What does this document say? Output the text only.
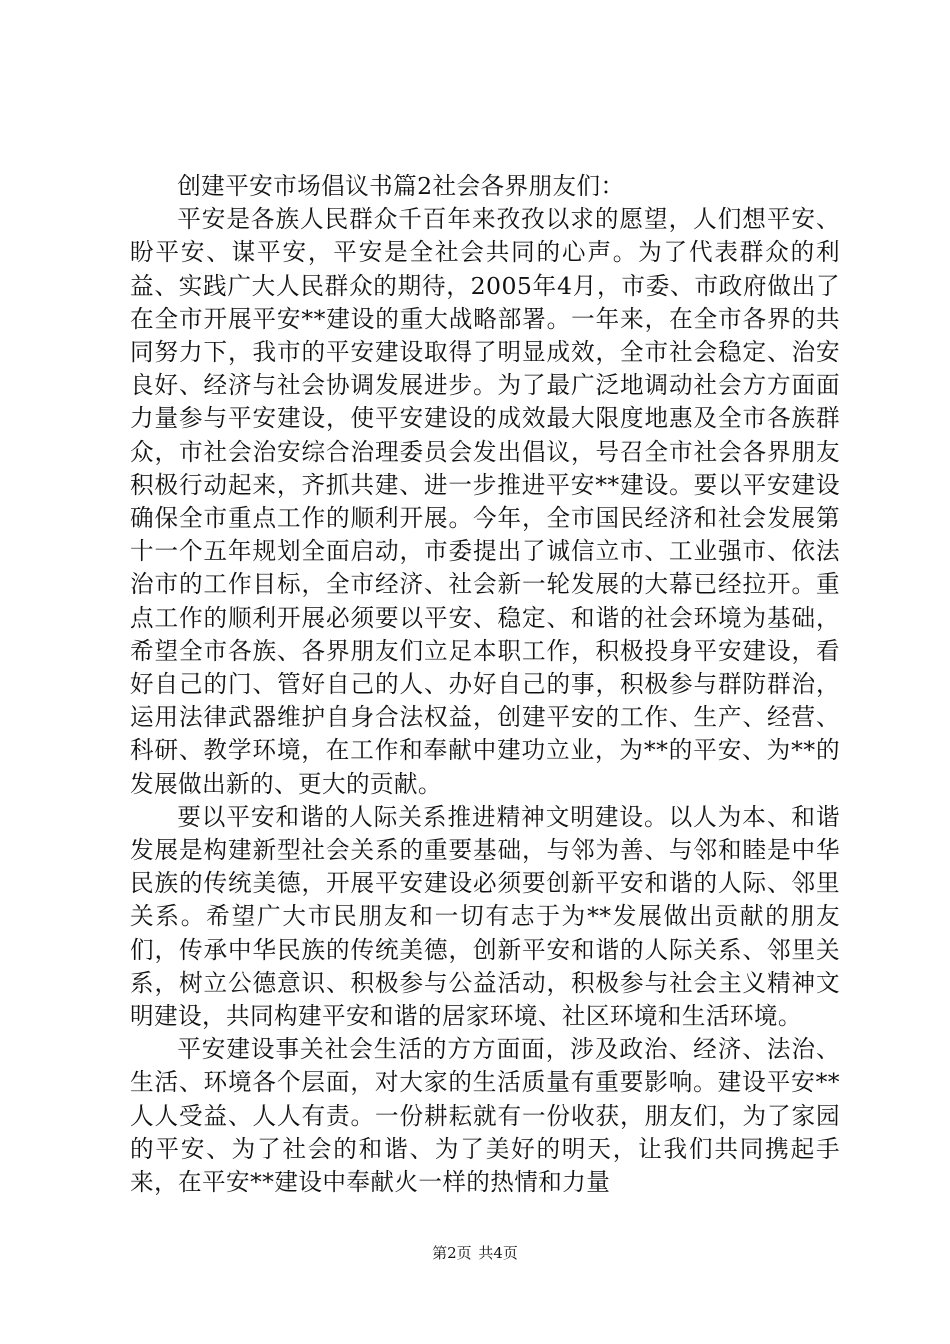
创建平安市场倡议书篇2社会各界朋友们：

平安是各族人民群众千百年来孜孜以求的愿望，人们想平安、盼平安、谋平安，平安是全社会共同的心声。为了代表群众的利益、实践广大人民群众的期待，2005年4月，市委、市政府做出了在全市开展平安**建设的重大战略部署。一年来，在全市各界的共同努力下，我市的平安建设取得了明显成效，全市社会稳定、治安良好、经济与社会协调发展进步。为了最广泛地调动社会方方面面力量参与平安建设，使平安建设的成效最大限度地惠及全市各族群众，市社会治安综合治理委员会发出倡议，号召全市社会各界朋友积极行动起来，齐抓共建、进一步推进平安**建设。要以平安建设确保全市重点工作的顺利开展。今年，全市国民经济和社会发展第十一个五年规划全面启动，市委提出了诚信立市、工业强市、依法治市的工作目标，全市经济、社会新一轮发展的大幕已经拉开。重点工作的顺利开展必须要以平安、稳定、和谐的社会环境为基础，希望全市各族、各界朋友们立足本职工作，积极投身平安建设，看好自己的门、管好自己的人、办好自己的事，积极参与群防群治，运用法律武器维护自身合法权益，创建平安的工作、生产、经营、科研、教学环境，在工作和奉献中建功立业，为**的平安、为**的发展做出新的、更大的贡献。

要以平安和谐的人际关系推进精神文明建设。以人为本、和谐发展是构建新型社会关系的重要基础，与邻为善、与邻和睦是中华民族的传统美德，开展平安建设必须要创新平安和谐的人际、邻里关系。希望广大市民朋友和一切有志于为**发展做出贡献的朋友们，传承中华民族的传统美德，创新平安和谐的人际关系、邻里关系，树立公德意识、积极参与公益活动，积极参与社会主义精神文明建设，共同构建平安和谐的居家环境、社区环境和生活环境。

平安建设事关社会生活的方方面面，涉及政治、经济、法治、生活、环境各个层面，对大家的生活质量有重要影响。建设平安**人人受益、人人有责。一份耕耘就有一份收获，朋友们，为了家园的平安、为了社会的和谐、为了美好的明天，让我们共同携起手来，在平安**建设中奉献火一样的热情和力量

第2页 共4页
